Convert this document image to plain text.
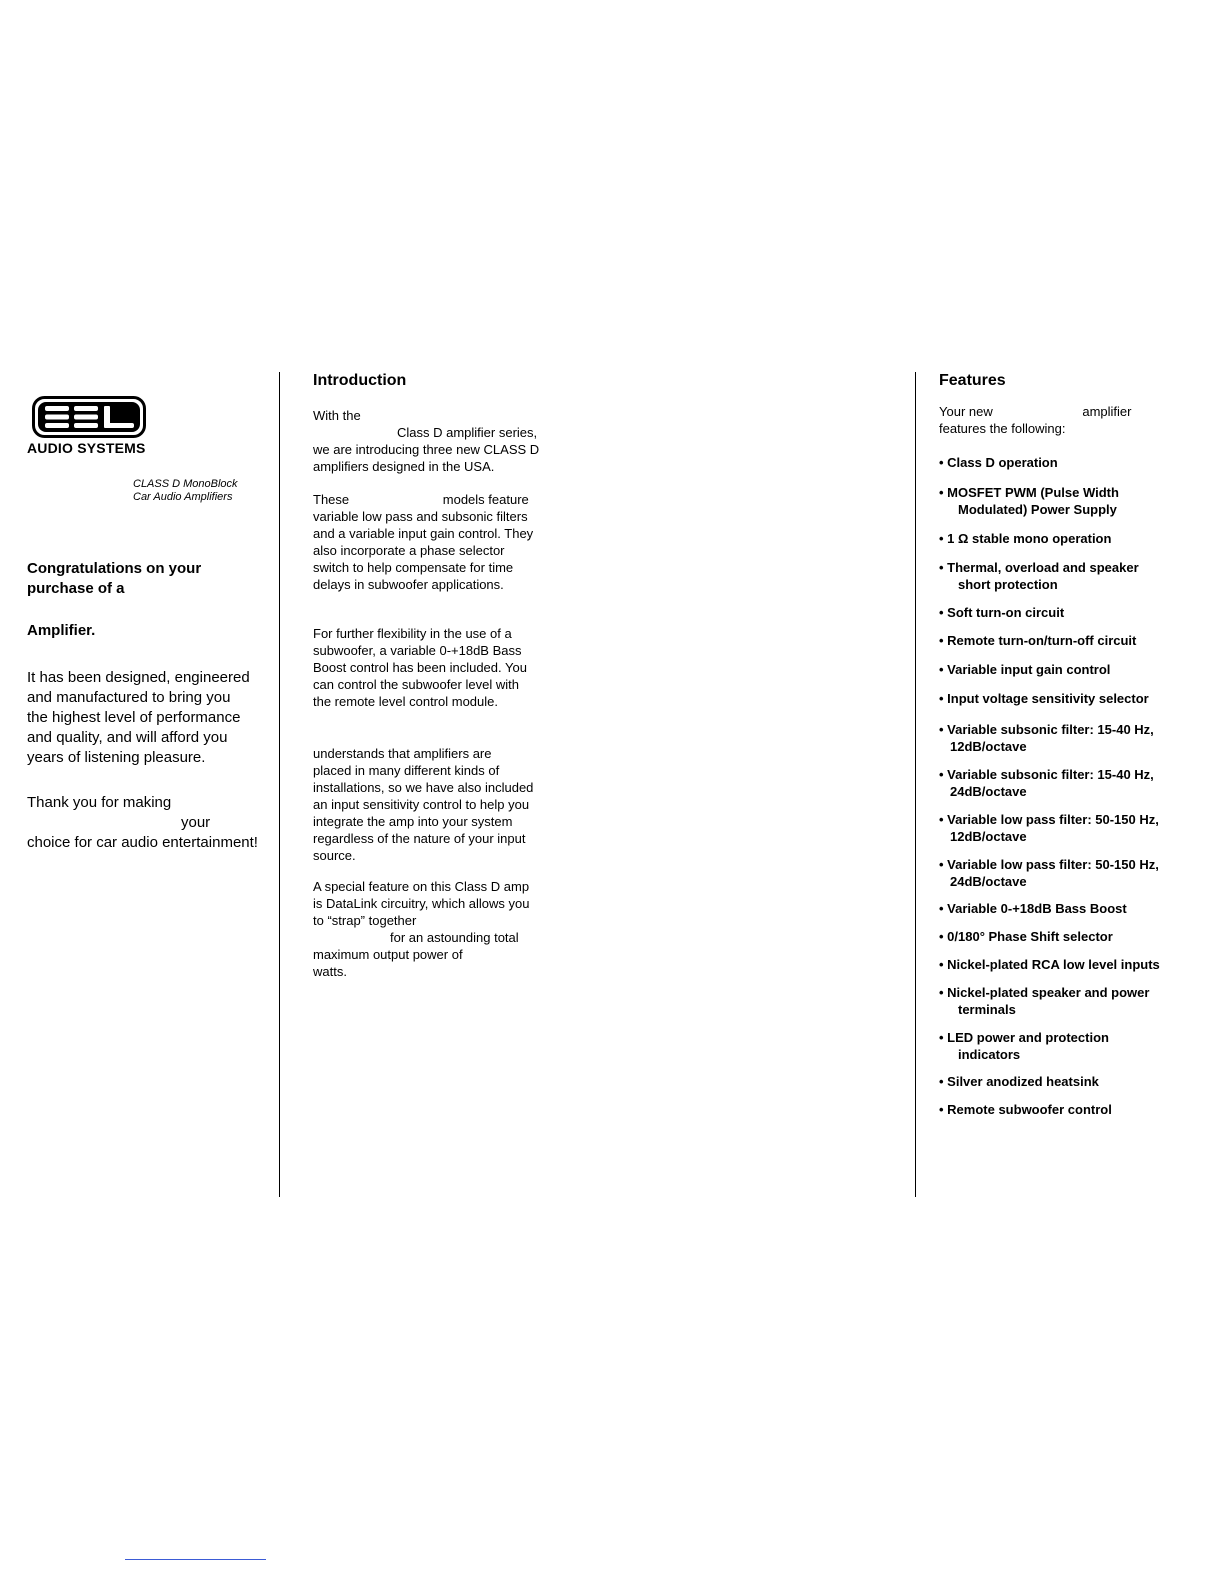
AUDIO SYSTEMS
CLASS D MonoBlock
Car Audio Amplifiers
Congratulations on your
purchase of a
Amplifier.
It has been designed, engineered
and manufactured to bring you
the highest level of performance
and quality, and will afford you
years of listening pleasure.
Thank you for making
your
choice for car audio entertainment!
Introduction
With the
Class D amplifier series,
we are introducing three new CLASS D
amplifiers designed in the USA.
These	models feature
variable low pass and subsonic filters
and a variable input gain control. They
also incorporate a phase selector
switch to help compensate for time
delays in subwoofer applications.
For further flexibility in the use of a
subwoofer, a variable 0-+18dB Bass
Boost control has been included. You
can control the subwoofer level with
the remote level control module.
understands that amplifiers are
placed in many different kinds of
installations, so we have also included
an input sensitivity control to help you
integrate the amp into your system
regardless of the nature of your input
source.
A special feature on this Class D amp
is DataLink circuitry, which allows you
to “strap” together
for an astounding total
maximum output power of
watts.
Features
Your new	amplifier
features the following:
• Class D operation
• MOSFET PWM (Pulse Width
Modulated) Power Supply
• 1 Ω stable mono operation
• Thermal, overload and speaker
short protection
• Soft turn-on circuit
• Remote turn-on/turn-off circuit
• Variable input gain control
• Input voltage sensitivity selector
• Variable subsonic filter: 15-40 Hz,
12dB/octave
• Variable subsonic filter: 15-40 Hz,
24dB/octave
• Variable low pass filter: 50-150 Hz,
12dB/octave
• Variable low pass filter: 50-150 Hz,
24dB/octave
• Variable 0-+18dB Bass Boost
• 0/180° Phase Shift selector
• Nickel-plated RCA low level inputs
• Nickel-plated speaker and power
terminals
• LED power and protection
indicators
• Silver anodized heatsink
• Remote subwoofer control
